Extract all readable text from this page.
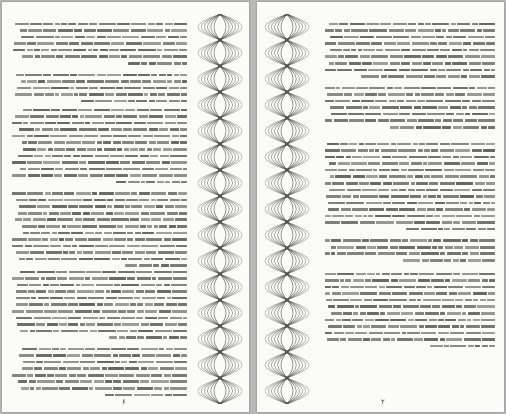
۶	۲
